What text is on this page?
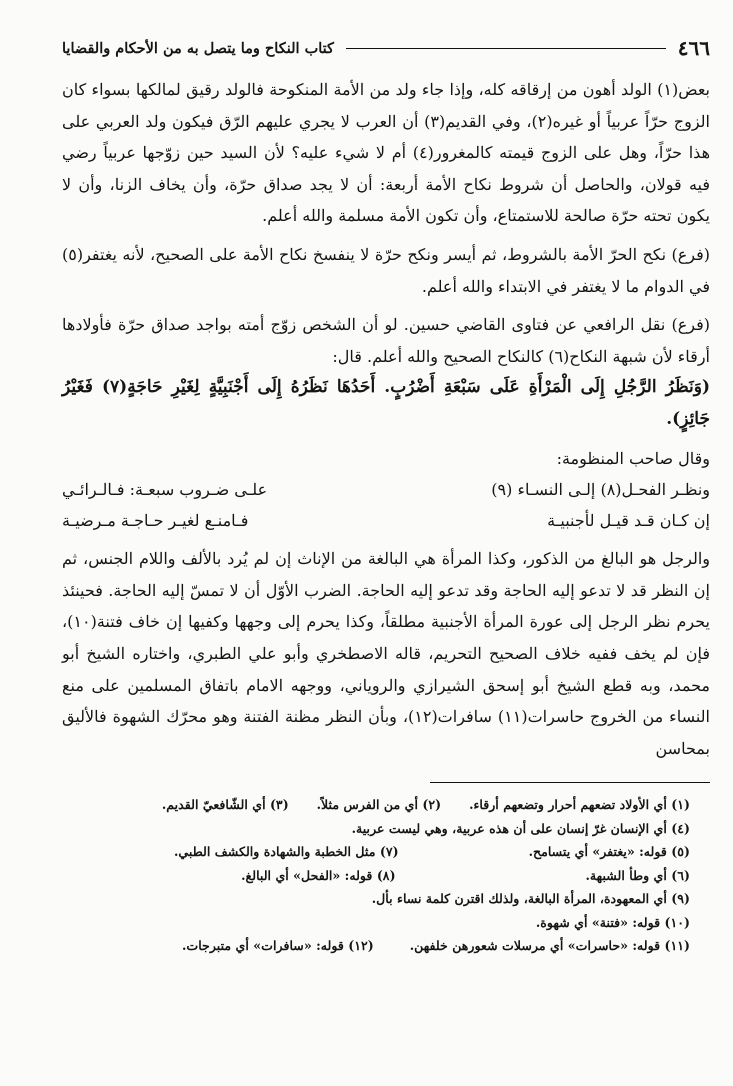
٤٦٦
كتاب النكاح وما يتصل به من الأحكام والقضايا

بعض(١) الولد أهون من إرقاقه كله، وإذا جاء ولد من الأمة المنكوحة فالولد رقيق لمالكها بسواء كان الزوج حرّاً عربياً أو غيره(٢)، وفي القديم(٣) أن العرب لا يجري عليهم الرّق فيكون ولد العربي على هذا حرّاً، وهل على الزوج قيمته كالمغرور(٤) أم لا شيء عليه؟ لأن السيد حين زوّجها عربياً رضي فيه قولان، والحاصل أن شروط نكاح الأمة أربعة: أن لا يجد صداق حرّة، وأن يخاف الزنا، وأن لا يكون تحته حرّة صالحة للاستمتاع، وأن تكون الأمة مسلمة والله أعلم.

(فرع) نكح الحرّ الأمة بالشروط، ثم أيسر ونكح حرّة لا ينفسخ نكاح الأمة على الصحيح، لأنه يغتفر(٥) في الدوام ما لا يغتفر في الابتداء والله أعلم.

(فرع) نقل الرافعي عن فتاوى القاضي حسين. لو أن الشخص زوّج أمته بواجد صداق حرّة فأولادها أرقاء لأن شبهة النكاح(٦) كالنكاح الصحيح والله أعلم. قال:

(وَنَظَرُ الرَّجُلِ إِلَى الْمَرْأَةِ عَلَى سَبْعَةِ أَضْرُبٍ. أَحَدُهَا نَظَرُهُ إِلَى أَجْنَبِيَّةٍ لِغَيْرِ حَاجَةٍ(٧) فَغَيْرُ جَائِزٍ).

وقال صاحب المنظومة:

ونظـر الفحـل(٨) إلـى النسـاء (٩)
علـى ضـروب سبعـة: فـالـرائـي
إن كـان قـد قيـل لأجنبيـة
فـامنـع لغيـر حـاجـة مـرضيـة

والرجل هو البالغ من الذكور، وكذا المرأة هي البالغة من الإناث إن لم يُرد بالألف واللام الجنس، ثم إن النظر قد لا تدعو إليه الحاجة وقد تدعو إليه الحاجة. الضرب الأوّل أن لا تمسّ إليه الحاجة. فحينئذ يحرم نظر الرجل إلى عورة المرأة الأجنبية مطلقاً، وكذا يحرم إلى وجهها وكفيها إن خاف فتنة(١٠)، فإن لم يخف ففيه خلاف الصحيح التحريم، قاله الاصطخري وأبو علي الطبري، واختاره الشيخ أبو محمد، وبه قطع الشيخ أبو إسحق الشيرازي والروياني، ووجهه الامام باتفاق المسلمين على منع النساء من الخروج حاسرات(١١) سافرات(١٢)، وبأن النظر مظنة الفتنة وهو محرّك الشهوة فالأليق بمحاسن

(١) أي الأولاد تضعهم أحرار وتضعهم أرقاء.
(٢) أي من الفرس مثلاً.
(٣) أي الشّافعيّ القديم.
(٤) أي الإنسان غرّ إنسان على أن هذه عربية، وهي ليست عربية.
(٥) قوله: «يغتفر» أي يتسامح.
(٧) مثل الخطبة والشهادة والكشف الطبي.
(٦) أي وطأ الشبهة.
(٨) قوله: «الفحل» أي البالغ.
(٩) أي المعهودة، المرأة البالغة، ولذلك اقترن كلمة نساء بأل.
(١٠) قوله: «فتنة» أي شهوة.
(١١) قوله: «حاسرات» أي مرسلات شعورهن خلفهن.
(١٢) قوله: «سافرات» أي متبرجات.
